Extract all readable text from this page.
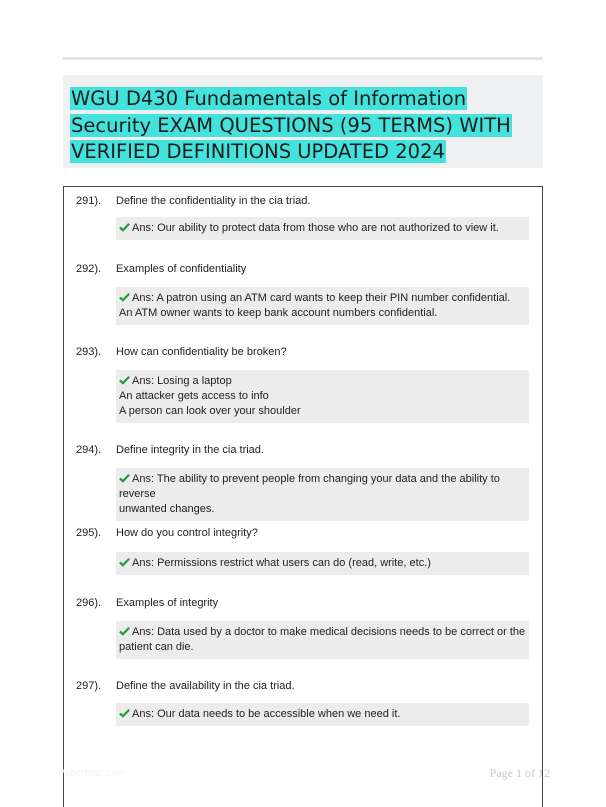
WGU D430 Fundamentals of Information Security EXAM QUESTIONS (95 TERMS) WITH VERIFIED DEFINITIONS UPDATED 2024
291). Define the confidentiality in the cia triad.
Ans: Our ability to protect data from those who are not authorized to view it.
292). Examples of confidentiality
Ans: A patron using an ATM card wants to keep their PIN number confidential.
An ATM owner wants to keep bank account numbers confidential.
293). How can confidentiality be broken?
Ans: Losing a laptop
An attacker gets access to info
A person can look over your shoulder
294). Define integrity in the cia triad.
Ans: The ability to prevent people from changing your data and the ability to reverse
unwanted changes.
295). How do you control integrity?
Ans: Permissions restrict what users can do (read, write, etc.)
296). Examples of integrity
Ans: Data used by a doctor to make medical decisions needs to be correct or the
patient can die.
297). Define the availability in the cia triad.
Ans: Our data needs to be accessible when we need it.
Paperbtac.com	Page 1 of 12
